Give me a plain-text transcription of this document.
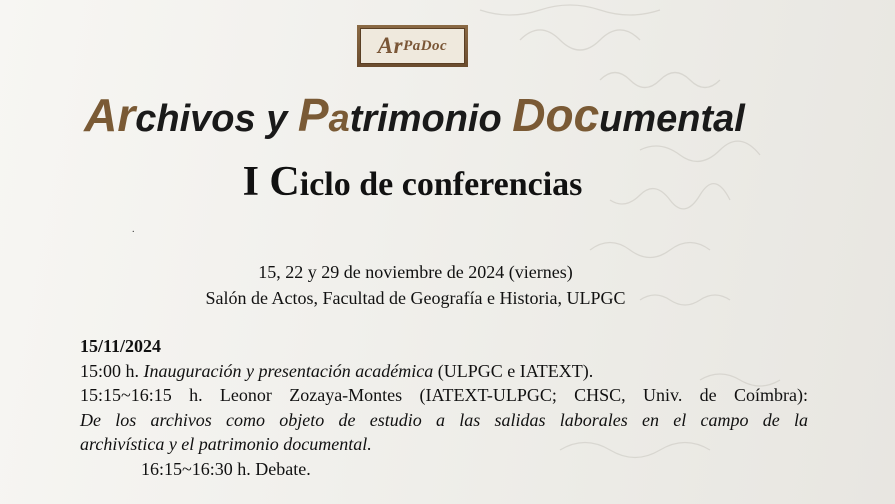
Ar PaDoc
Archivos y Patrimonio Documental
I Ciclo de conferencias
.
15, 22 y 29 de noviembre de 2024 (viernes)
Salón de Actos, Facultad de Geografía e Historia, ULPGC
15/11/2024
15:00 h. Inauguración y presentación académica (ULPGC e IATEXT).
15:15~16:15 h. Leonor Zozaya-Montes (IATEXT-ULPGC; CHSC, Univ. de Coímbra):
De los archivos como objeto de estudio a las salidas laborales en el campo de la
archivística y el patrimonio documental.
16:15~16:30 h. Debate.
